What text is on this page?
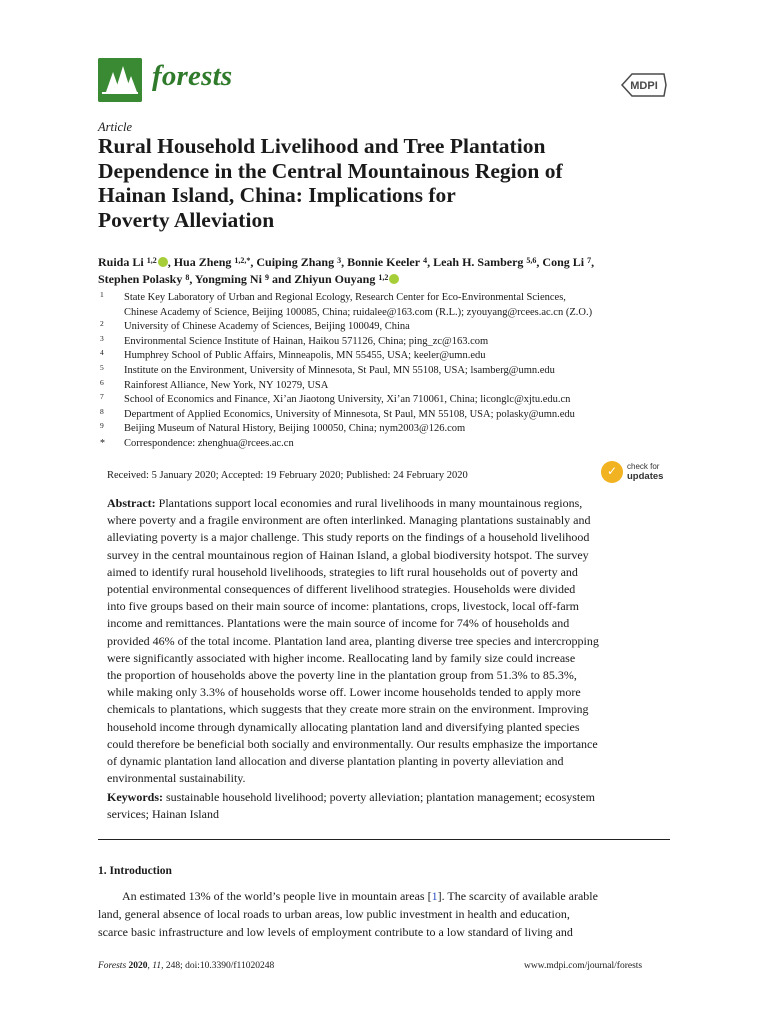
forests	MDPI
Article
Rural Household Livelihood and Tree Plantation
Dependence in the Central Mountainous Region of
Hainan Island, China: Implications for
Poverty Alleviation
Ruida Li $^{1,2}$ , Hua Zheng $^{1,2,*}$, Cuiping Zhang $^3$, Bonnie Keeler $^4$, Leah H. Samberg $^{5,6}$, Cong Li $^7$,
Stephen Polasky $^8$, Yongming Ni $^9$ and Zhiyun Ouyang $^{1,2}$
1	State Key Laboratory of Urban and Regional Ecology, Research Center for Eco-Environmental Sciences,
Chinese Academy of Science, Beijing 100085, China; ruidalee@163.com (R.L.); zyouyang@rcees.ac.cn (Z.O.)
2	University of Chinese Academy of Sciences, Beijing 100049, China
3	Environmental Science Institute of Hainan, Haikou 571126, China; ping_zc@163.com
4	Humphrey School of Public Affairs, Minneapolis, MN 55455, USA; keeler@umn.edu
5	Institute on the Environment, University of Minnesota, St Paul, MN 55108, USA; lsamberg@umn.edu
6	Rainforest Alliance, New York, NY 10279, USA
7	School of Economics and Finance, Xi’an Jiaotong University, Xi’an 710061, China; liconglc@xjtu.edu.cn
8	Department of Applied Economics, University of Minnesota, St Paul, MN 55108, USA; polasky@umn.edu
9	Beijing Museum of Natural History, Beijing 100050, China; nym2003@126.com
*	Correspondence: zhenghua@rcees.ac.cn
Received: 5 January 2020; Accepted: 19 February 2020; Published: 24 February 2020	✓ check for
updates
Abstract: Plantations support local economies and rural livelihoods in many mountainous regions,
where poverty and a fragile environment are often interlinked. Managing plantations sustainably and
alleviating poverty is a major challenge. This study reports on the findings of a household livelihood
survey in the central mountainous region of Hainan Island, a global biodiversity hotspot. The survey
aimed to identify rural household livelihoods, strategies to lift rural households out of poverty and
potential environmental consequences of different livelihood strategies. Households were divided
into five groups based on their main source of income: plantations, crops, livestock, local off-farm
income and remittances. Plantations were the main source of income for 74% of households and
provided 46% of the total income. Plantation land area, planting diverse tree species and intercropping
were significantly associated with higher income. Reallocating land by family size could increase
the proportion of households above the poverty line in the plantation group from 51.3% to 85.3%,
while making only 3.3% of households worse off. Lower income households tended to apply more
chemicals to plantations, which suggests that they create more strain on the environment. Improving
household income through dynamically allocating plantation land and diversifying planted species
could therefore be beneficial both socially and environmentally. Our results emphasize the importance
of dynamic plantation land allocation and diverse plantation planting in poverty alleviation and
environmental sustainability.
Keywords: sustainable household livelihood; poverty alleviation; plantation management; ecosystem
services; Hainan Island
1. Introduction
An estimated 13% of the world’s people live in mountain areas [1]. The scarcity of available arable
land, general absence of local roads to urban areas, low public investment in health and education,
scarce basic infrastructure and low levels of employment contribute to a low standard of living and
Forests 2020, 11, 248; doi:10.3390/f11020248	www.mdpi.com/journal/forests
